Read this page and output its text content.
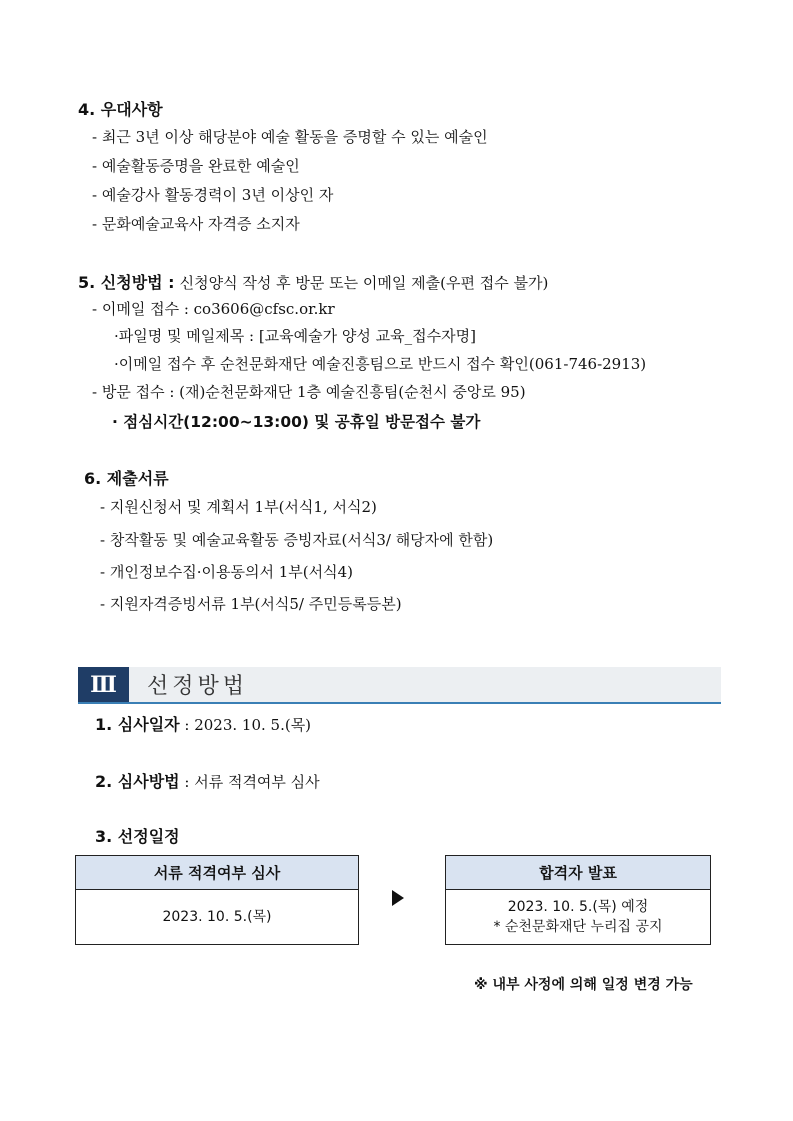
4. 우대사항
- 최근 3년 이상 해당분야 예술 활동을 증명할 수 있는 예술인
- 예술활동증명을 완료한 예술인
- 예술강사 활동경력이 3년 이상인 자
- 문화예술교육사 자격증 소지자
5. 신청방법 : 신청양식 작성 후 방문 또는 이메일 제출(우편 접수 불가)
- 이메일 접수 : co3606@cfsc.or.kr
·파일명 및 메일제목 : [교육예술가 양성 교육_접수자명]
·이메일 접수 후 순천문화재단 예술진흥팀으로 반드시 접수 확인(061-746-2913)
- 방문 접수 : (재)순천문화재단 1층 예술진흥팀(순천시 중앙로 95)
· 점심시간(12:00~13:00) 및 공휴일 방문접수 불가
6. 제출서류
- 지원신청서 및 계획서 1부(서식1, 서식2)
- 창작활동 및 예술교육활동 증빙자료(서식3/ 해당자에 한함)
- 개인정보수집·이용동의서 1부(서식4)
- 지원자격증빙서류 1부(서식5/ 주민등록등본)
Ⅲ	선정방법
1. 심사일자 : 2023. 10. 5.(목)
2. 심사방법 : 서류 적격여부 심사
3. 선정일정
서류 적격여부 심사
2023. 10. 5.(목)
합격자 발표
2023. 10. 5.(목) 예정
* 순천문화재단 누리집 공지
※ 내부 사정에 의해 일정 변경 가능
